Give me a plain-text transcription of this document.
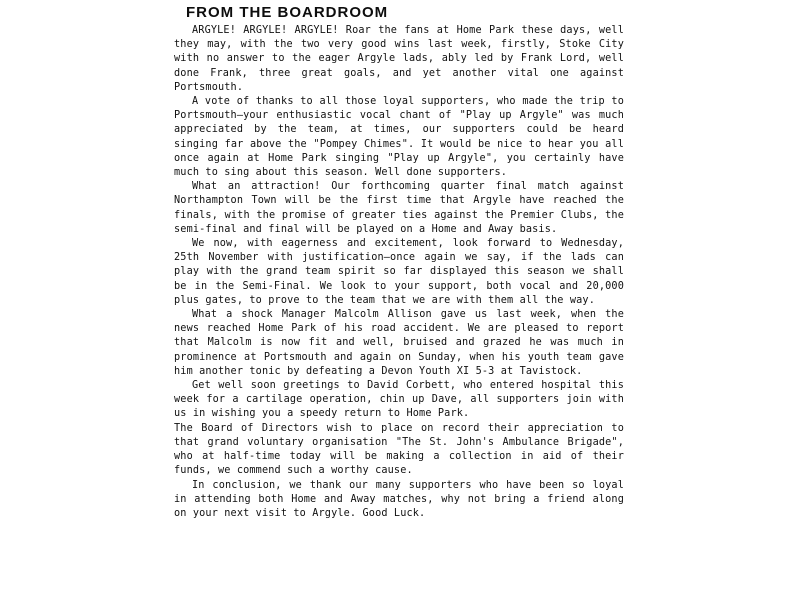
FROM THE BOARDROOM

ARGYLE! ARGYLE! ARGYLE! Roar the fans at Home Park these days, well they may, with the two very good wins last week, firstly, Stoke City with no answer to the eager Argyle lads, ably led by Frank Lord, well done Frank, three great goals, and yet another vital one against Portsmouth.

A vote of thanks to all those loyal supporters, who made the trip to Portsmouth—your enthusiastic vocal chant of "Play up Argyle" was much appreciated by the team, at times, our supporters could be heard singing far above the "Pompey Chimes". It would be nice to hear you all once again at Home Park singing "Play up Argyle", you certainly have much to sing about this season. Well done supporters.

What an attraction! Our forthcoming quarter final match against Northampton Town will be the first time that Argyle have reached the finals, with the promise of greater ties against the Premier Clubs, the semi-final and final will be played on a Home and Away basis.

We now, with eagerness and excitement, look forward to Wednesday, 25th November with justification—once again we say, if the lads can play with the grand team spirit so far displayed this season we shall be in the Semi-Final. We look to your support, both vocal and 20,000 plus gates, to prove to the team that we are with them all the way.

What a shock Manager Malcolm Allison gave us last week, when the news reached Home Park of his road accident. We are pleased to report that Malcolm is now fit and well, bruised and grazed he was much in prominence at Portsmouth and again on Sunday, when his youth team gave him another tonic by defeating a Devon Youth XI 5-3 at Tavistock.

Get well soon greetings to David Corbett, who entered hospital this week for a cartilage operation, chin up Dave, all supporters join with us in wishing you a speedy return to Home Park.

The Board of Directors wish to place on record their appreciation to that grand voluntary organisation "The St. John's Ambulance Brigade", who at half-time today will be making a collection in aid of their funds, we commend such a worthy cause.

In conclusion, we thank our many supporters who have been so loyal in attending both Home and Away matches, why not bring a friend along on your next visit to Argyle. Good Luck.
